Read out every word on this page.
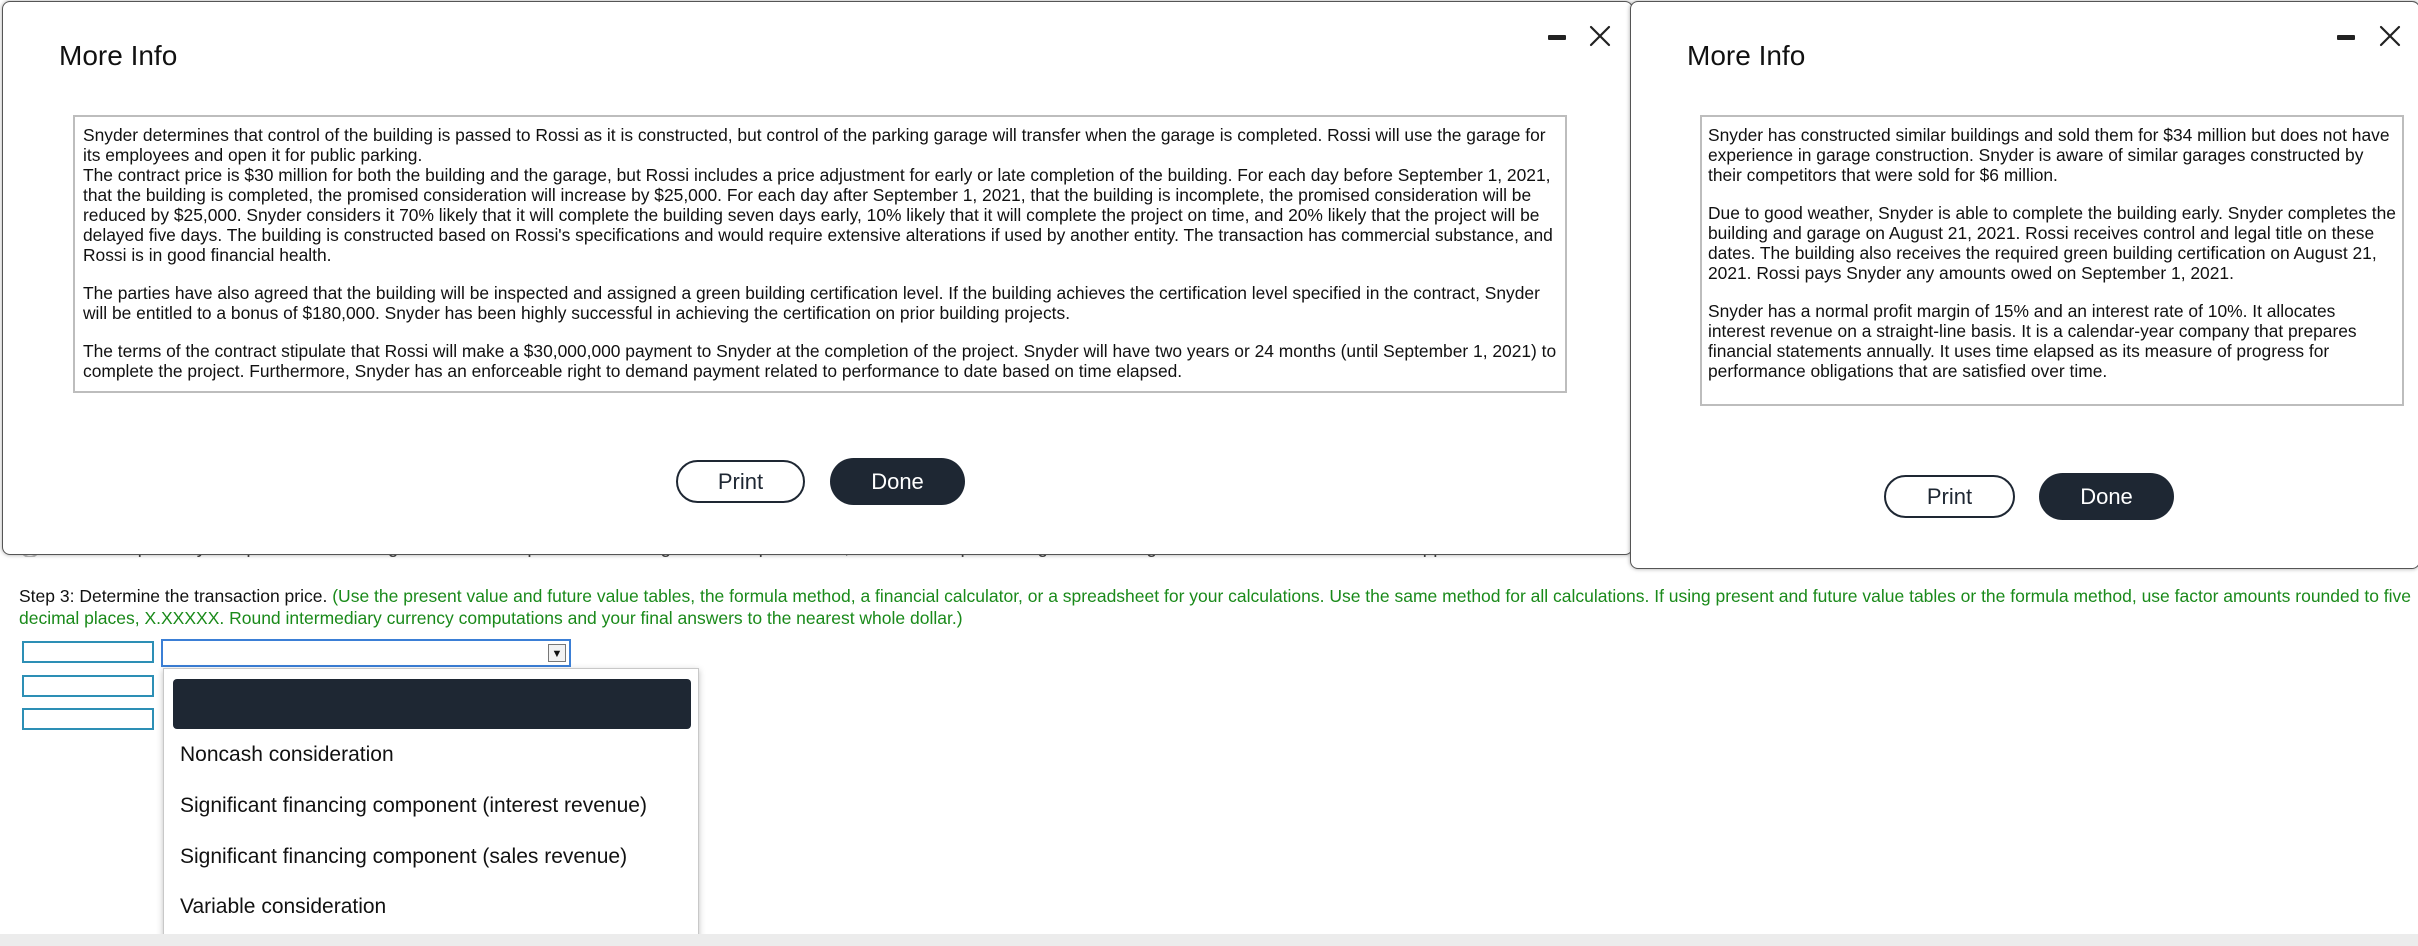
Step 3: Determine the transaction price. (Use the present value and future value tables, the formula method, a financial calculator, or a spreadsheet for your calculations. Use the same method for all calculations. If using present and future value tables or the formula method, use factor amounts rounded to five decimal places, X.XXXXX. Round intermediary currency computations and your final answers to the nearest whole dollar.)
▼
Noncash consideration
Significant financing component (interest revenue)
Significant financing component (sales revenue)
Variable consideration
More Info

Snyder determines that control of the building is passed to Rossi as it is constructed, but control of the parking garage will transfer when the garage is completed. Rossi will use the garage for its employees and open it for public parking.
The contract price is $30 million for both the building and the garage, but Rossi includes a price adjustment for early or late completion of the building. For each day before September 1, 2021, that the building is completed, the promised consideration will increase by $25,000. For each day after September 1, 2021, that the building is incomplete, the promised consideration will be reduced by $25,000. Snyder considers it 70% likely that it will complete the building seven days early, 10% likely that it will complete the project on time, and 20% likely that the project will be delayed five days. The building is constructed based on Rossi's specifications and would require extensive alterations if used by another entity. The transaction has commercial substance, and Rossi is in good financial health.

The parties have also agreed that the building will be inspected and assigned a green building certification level. If the building achieves the certification level specified in the contract, Snyder will be entitled to a bonus of $180,000. Snyder has been highly successful in achieving the certification on prior building projects.

The terms of the contract stipulate that Rossi will make a $30,000,000 payment to Snyder at the completion of the project. Snyder will have two years or 24 months (until September 1, 2021) to complete the project. Furthermore, Snyder has an enforceable right to demand payment related to performance to date based on time elapsed.

Print	Done
More Info

Snyder has constructed similar buildings and sold them for $34 million but does not have experience in garage construction. Snyder is aware of similar garages constructed by their competitors that were sold for $6 million.

Due to good weather, Snyder is able to complete the building early. Snyder completes the building and garage on August 21, 2021. Rossi receives control and legal title on these dates. The building also receives the required green building certification on August 21, 2021. Rossi pays Snyder any amounts owed on September 1, 2021.

Snyder has a normal profit margin of 15% and an interest rate of 10%. It allocates interest revenue on a straight-line basis. It is a calendar-year company that prepares financial statements annually. It uses time elapsed as its measure of progress for performance obligations that are satisfied over time.

Print	Done
